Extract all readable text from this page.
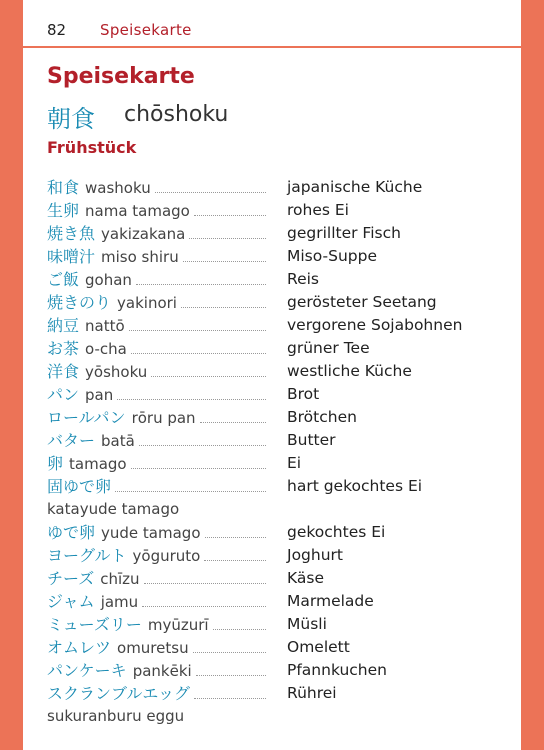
82 Speisekarte
Speisekarte
朝食 chōshoku
Frühstück
和食 washoku	japanische Küche
生卵 nama tamago	rohes Ei
焼き魚 yakizakana	gegrillter Fisch
味噌汁 miso shiru	Miso-Suppe
ご飯 gohan	Reis
焼きのり yakinori	gerösteter Seetang
納豆 nattō	vergorene Sojabohnen
お茶 o-cha	grüner Tee
洋食 yōshoku	westliche Küche
パン pan	Brot
ロールパン rōru pan	Brötchen
バター batā	Butter
卵 tamago	Ei
固ゆで卵	hart gekochtes Ei
katayude tamago
ゆで卵 yude tamago	gekochtes Ei
ヨーグルト yōguruto	Joghurt
チーズ chīzu	Käse
ジャム jamu	Marmelade
ミューズリー myūzurī	Müsli
オムレツ omuretsu	Omelett
パンケーキ pankēki	Pfannkuchen
スクランブルエッグ	Rührei
sukuranburu eggu
